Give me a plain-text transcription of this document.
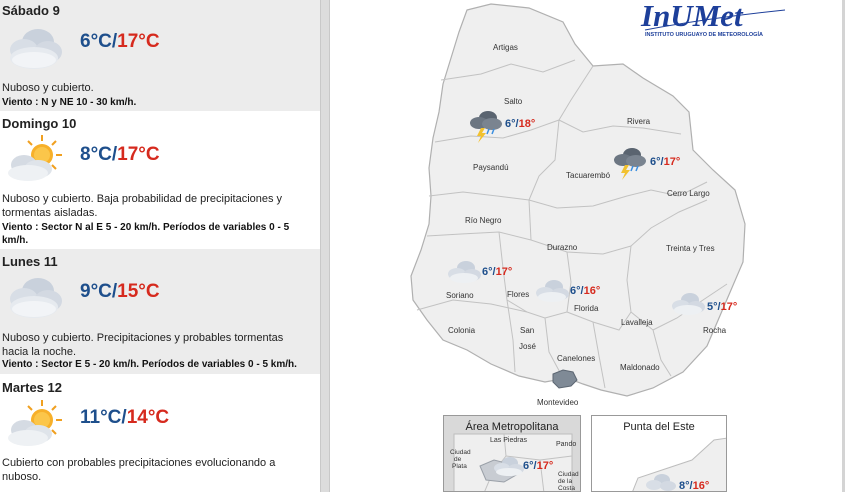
Sábado 9
6°C/17°C
Nuboso y cubierto.
Viento : N y NE 10 - 30 km/h.
Domingo 10
8°C/17°C
Nuboso y cubierto. Baja probabilidad de precipitaciones y tormentas aisladas.
Viento : Sector N al E 5 - 20 km/h. Períodos de variables 0 - 5 km/h.
Lunes 11
9°C/15°C
Nuboso y cubierto. Precipitaciones y probables tormentas hacia la noche.
Viento : Sector E 5 - 20 km/h. Períodos de variables 0 - 5 km/h.
Martes 12
11°C/14°C
Cubierto con probables precipitaciones evolucionando a nuboso.
Artigas
Salto
Rivera
Paysandú
Tacuarembó
Cerro Largo
Río Negro
Durazno	Treinta y Tres
Soriano	Flores
Florida
Lavalleja
Rocha
Colonia	San
José
Canelones
Maldonado
Montevideo
6°/18°
6°/17°
6°/17°
6°/16°
5°/17°
InUMet
INSTITUTO URUGUAYO DE METEOROLOGÍA
Área Metropolitana
Las Piedras
Pando
Ciudad
de
Plata
Ciudad
de la
Costa
6°/17°
Punta del Este
8°/16°
